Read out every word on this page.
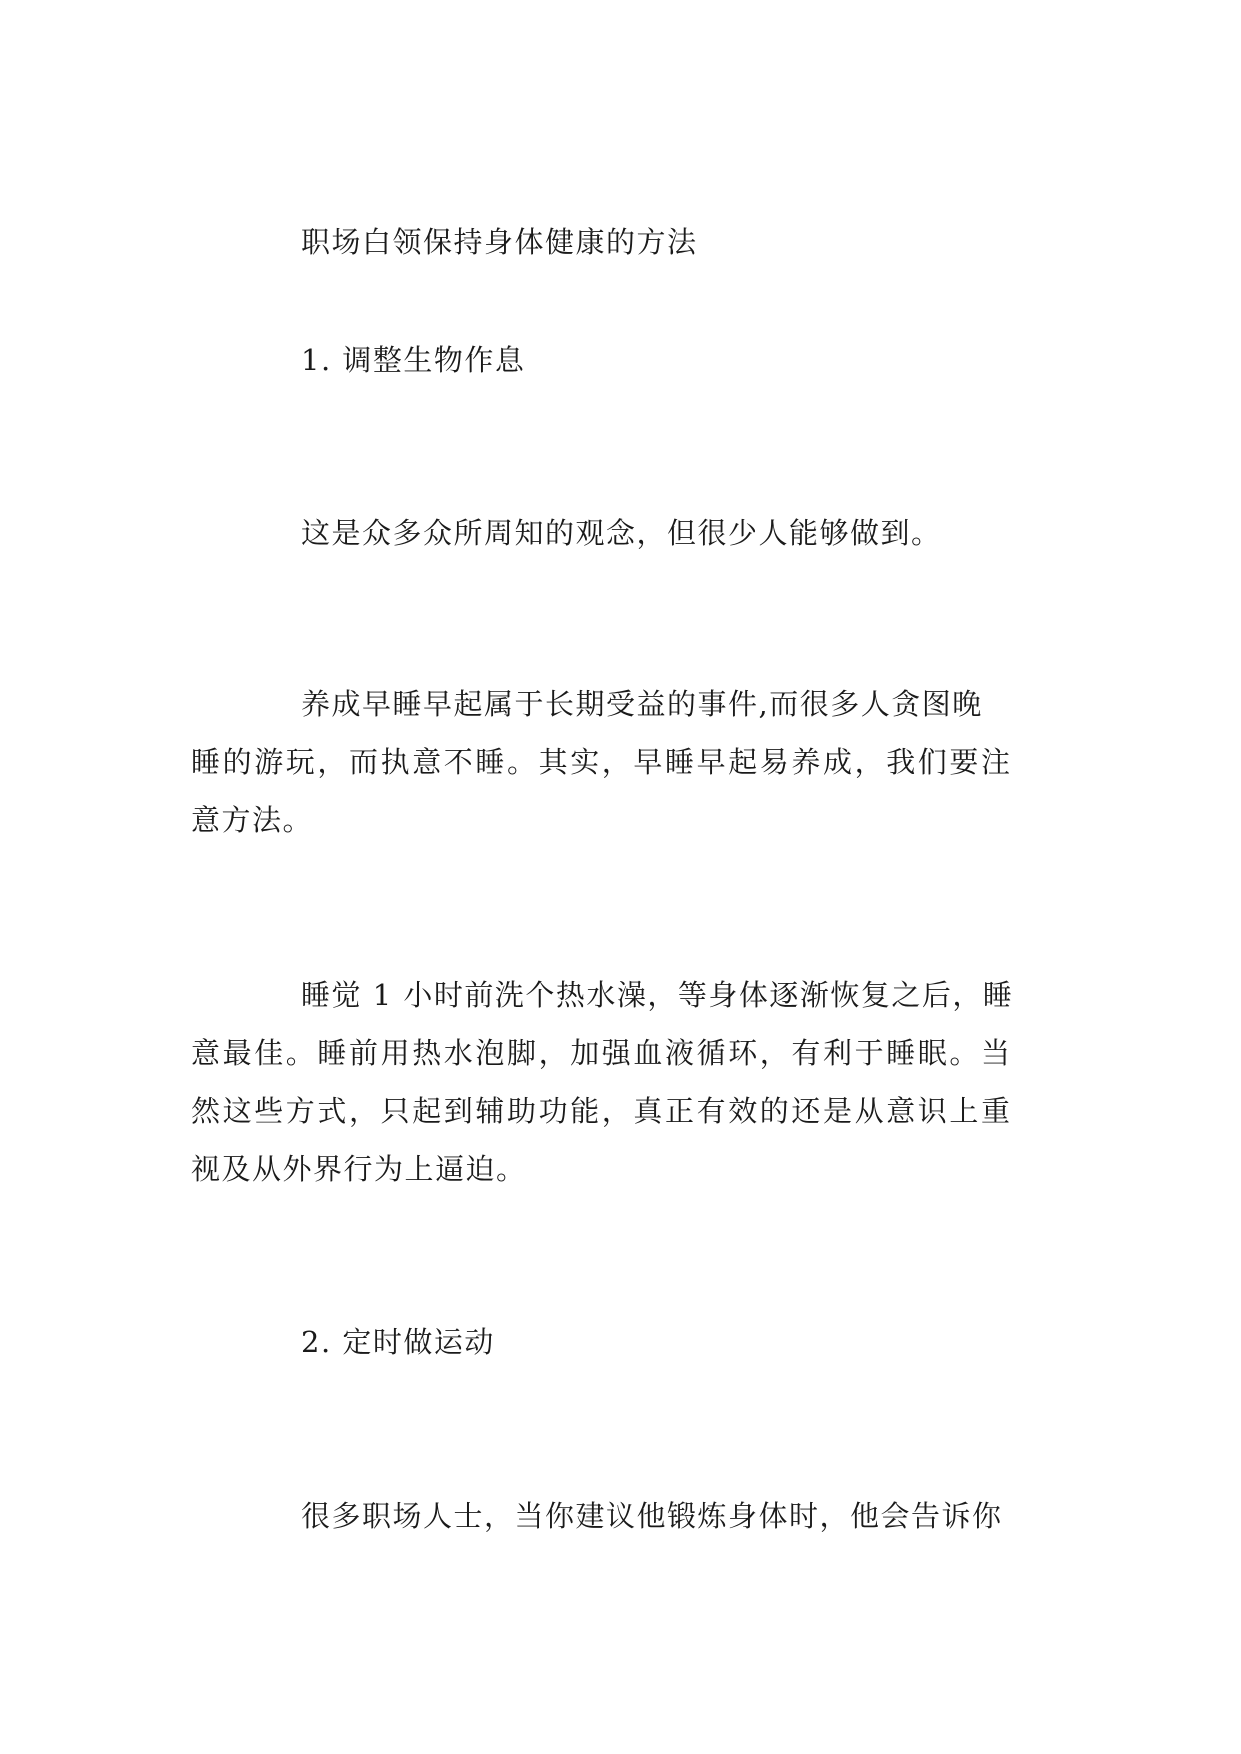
职场白领保持身体健康的方法
1. 调整生物作息
这是众多众所周知的观念，但很少人能够做到。
养成早睡早起属于长期受益的事件,而很多人贪图晚
睡的游玩，而执意不睡。其实，早睡早起易养成，我们要注
意方法。
睡觉 1 小时前洗个热水澡，等身体逐渐恢复之后，睡
意最佳。睡前用热水泡脚，加强血液循环，有利于睡眠。当
然这些方式，只起到辅助功能，真正有效的还是从意识上重
视及从外界行为上逼迫。
2. 定时做运动
很多职场人士，当你建议他锻炼身体时，他会告诉你
